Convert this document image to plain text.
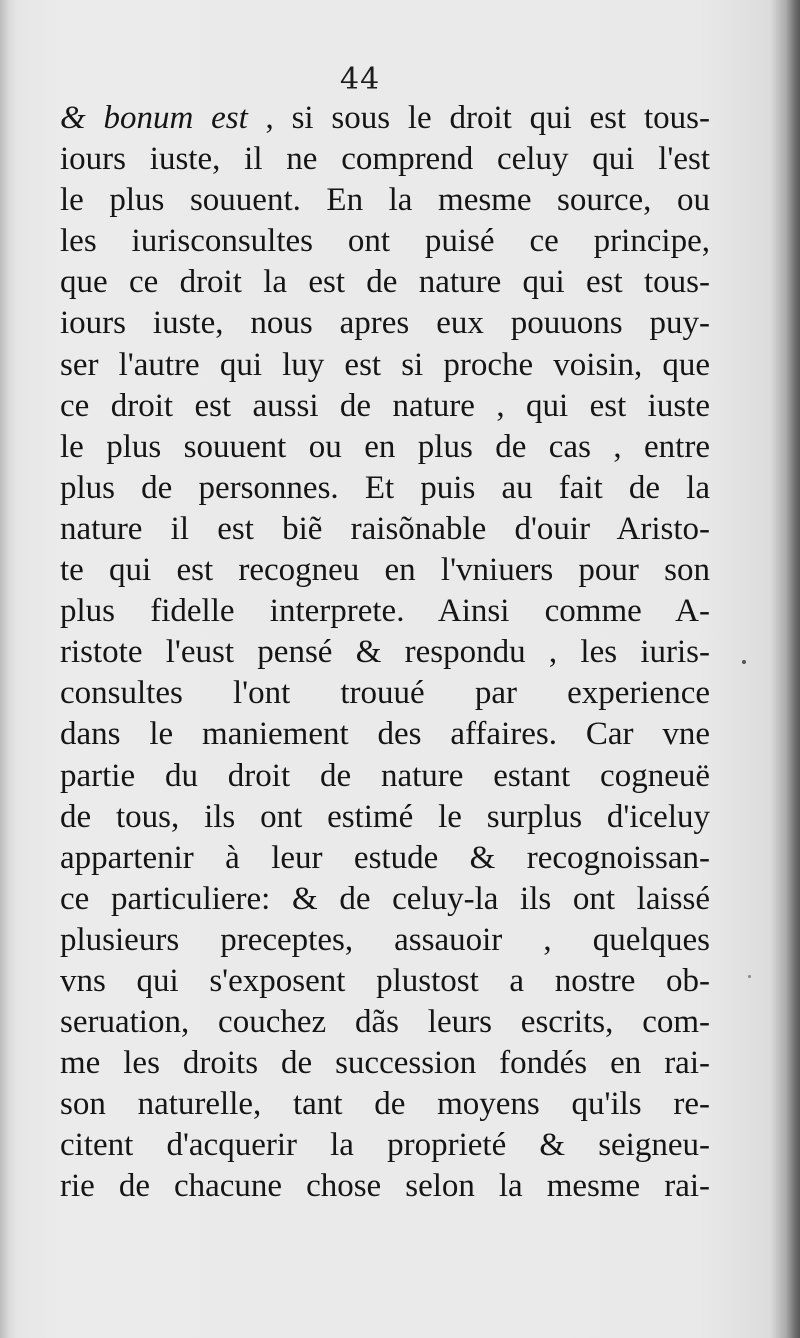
44
& bonum est , si sous le droit qui est tous-
iours iuste, il ne comprend celuy qui l'est
le plus souuent. En la mesme source, ou
les iurisconsultes ont puisé ce principe,
que ce droit la est de nature qui est tous-
iours iuste, nous apres eux pouuons puy-
ser l'autre qui luy est si proche voisin, que
ce droit est aussi de nature , qui est iuste
le plus souuent ou en plus de cas , entre
plus de personnes. Et puis au fait de la
nature il est biẽ raisõnable d'ouir Aristo-
te qui est recogneu en l'vniuers pour son
plus fidelle interprete. Ainsi comme A-
ristote l'eust pensé & respondu , les iuris-
consultes l'ont trouué par experience
dans le maniement des affaires. Car vne
partie du droit de nature estant cogneuë
de tous, ils ont estimé le surplus d'iceluy
appartenir à leur estude & recognoissan-
ce particuliere: & de celuy-la ils ont laissé
plusieurs preceptes, assauoir , quelques
vns qui s'exposent plustost a nostre ob-
seruation, couchez dãs leurs escrits, com-
me les droits de succession fondés en rai-
son naturelle, tant de moyens qu'ils re-
citent d'acquerir la proprieté & seigneu-
rie de chacune chose selon la mesme rai-
